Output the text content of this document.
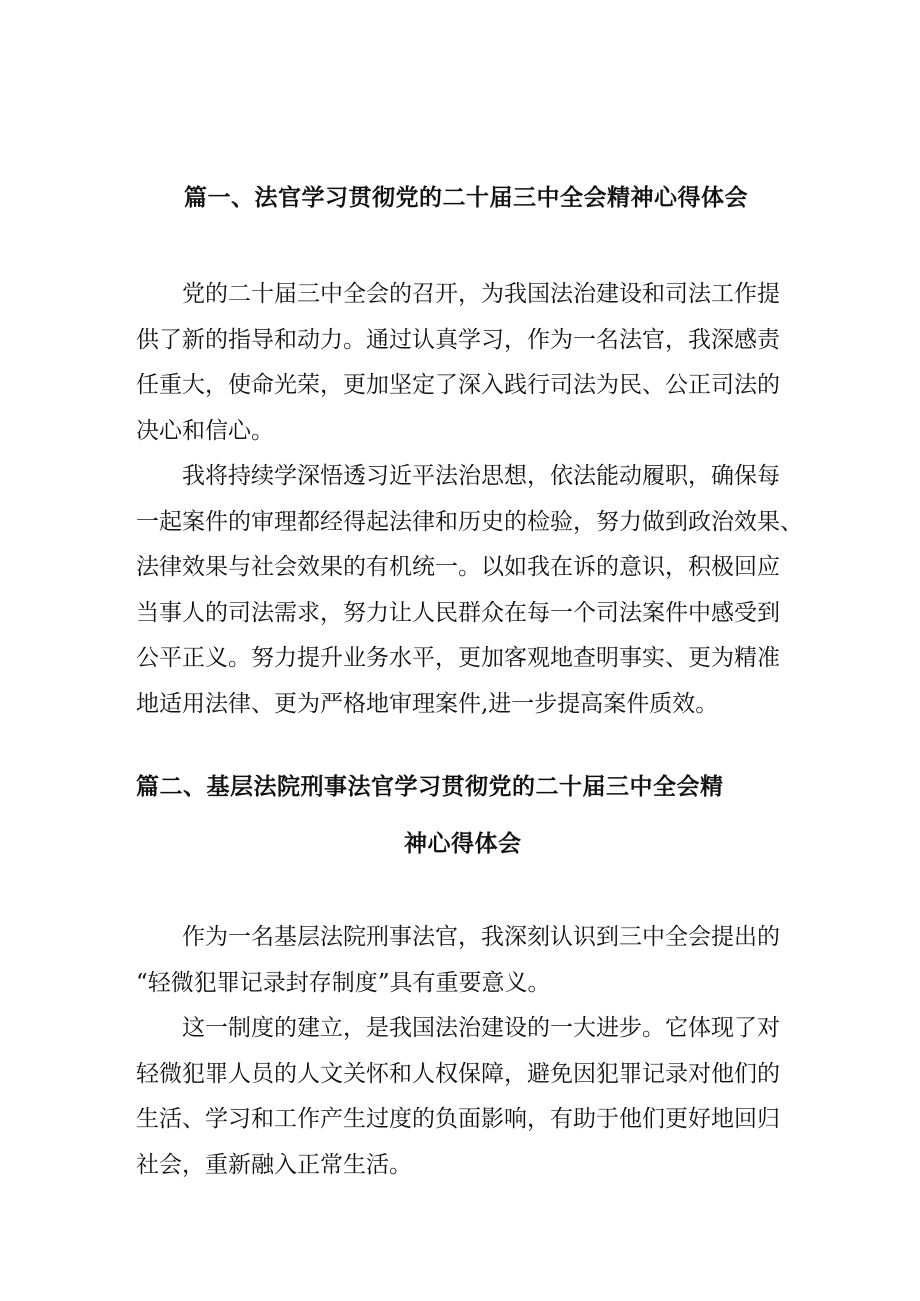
篇一、法官学习贯彻党的二十届三中全会精神心得体会
党的二十届三中全会的召开，为我国法治建设和司法工作提
供了新的指导和动力。通过认真学习，作为一名法官，我深感责
任重大，使命光荣，更加坚定了深入践行司法为民、公正司法的
决心和信心。
我将持续学深悟透习近平法治思想，依法能动履职，确保每
一起案件的审理都经得起法律和历史的检验，努力做到政治效果、
法律效果与社会效果的有机统一。以如我在诉的意识，积极回应
当事人的司法需求，努力让人民群众在每一个司法案件中感受到
公平正义。努力提升业务水平，更加客观地查明事实、更为精准
地适用法律、更为严格地审理案件,进一步提高案件质效。
篇二、基层法院刑事法官学习贯彻党的二十届三中全会精
神心得体会
作为一名基层法院刑事法官，我深刻认识到三中全会提出的
“轻微犯罪记录封存制度”具有重要意义。
这一制度的建立，是我国法治建设的一大进步。它体现了对
轻微犯罪人员的人文关怀和人权保障，避免因犯罪记录对他们的
生活、学习和工作产生过度的负面影响，有助于他们更好地回归
社会，重新融入正常生活。
